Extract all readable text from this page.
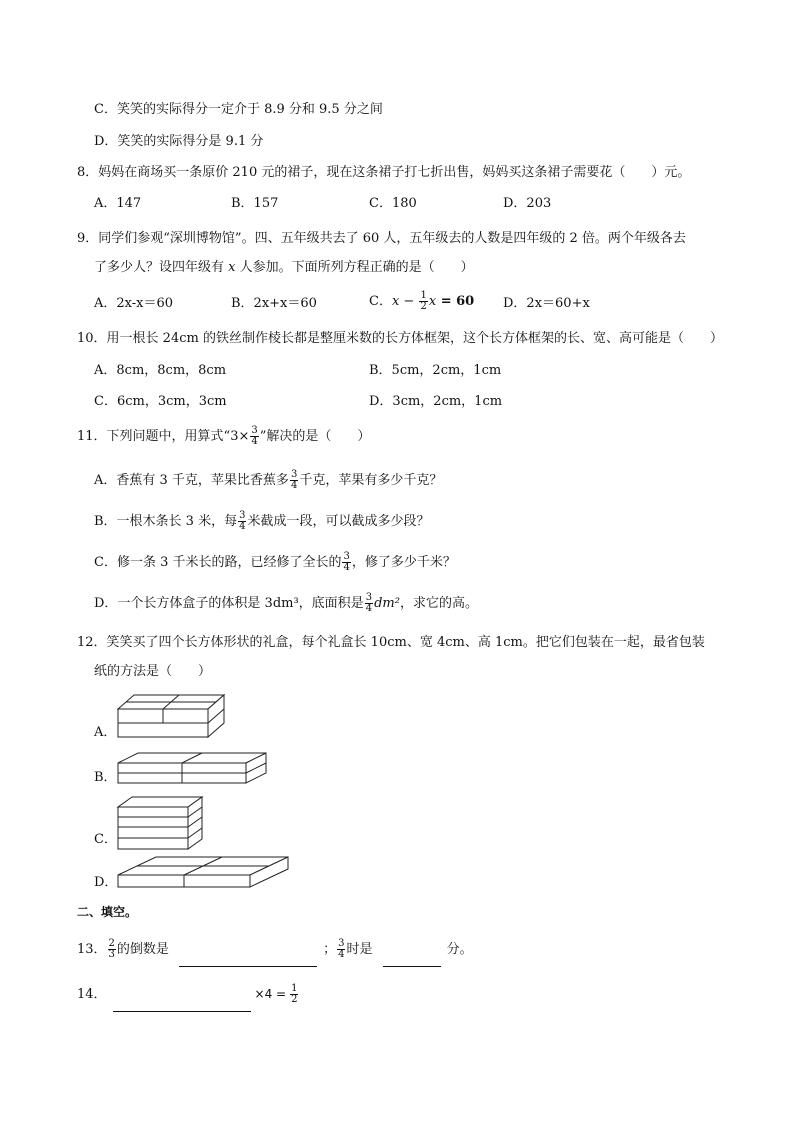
C．笑笑的实际得分一定介于 8.9 分和 9.5 分之间
D．笑笑的实际得分是 9.1 分
8．妈妈在商场买一条原价 210 元的裙子，现在这条裙子打七折出售，妈妈买这条裙子需要花（　　）元。
A．147	B．157	C．180	D．203
9．同学们参观“深圳博物馆”。四、五年级共去了 60 人，五年级去的人数是四年级的 2 倍。两个年级各去
了多少人？设四年级有 x 人参加。下面所列方程正确的是（　　）
A．2x-x＝60	B．2x+x＝60	C．$x - \frac{1}{2}$ x = 60 D．2x＝60+x
10．用一根长 24cm 的铁丝制作棱长都是整厘米数的长方体框架，这个长方体框架的长、宽、高可能是（　　）
A．8cm，8cm，8cm	B．5cm，2cm，1cm
C．6cm，3cm，3cm	D．3cm，2cm，1cm
11．下列问题中，用算式“$3\times \frac{3}{4}$ ”解决的是（　　）
A．香蕉有 3 千克，苹果比香蕉多 $\frac{3}{4}$ 千克，苹果有多少千克？
B．一根木条长 3 米，每 $\frac{3}{4}$ 米截成一段，可以截成多少段？
C．修一条 3 千米长的路，已经修了全长的 $\frac{3}{4}$ ，修了多少千米？
D．一个长方体盒子的体积是 3dm³，底面积是 $\frac{3}{4} dm^2$，求它的高。
12．笑笑买了四个长方体形状的礼盒，每个礼盒长 10cm、宽 4cm、高 1cm。把它们包装在一起，最省包装
纸的方法是（　　）
A．
B．
C．
D．
二、填空。
13． $\frac{2}{3}$ 的倒数是	； $\frac{3}{4}$ 时是	分。
14．	$\times 4 = \frac{1}{2}$
